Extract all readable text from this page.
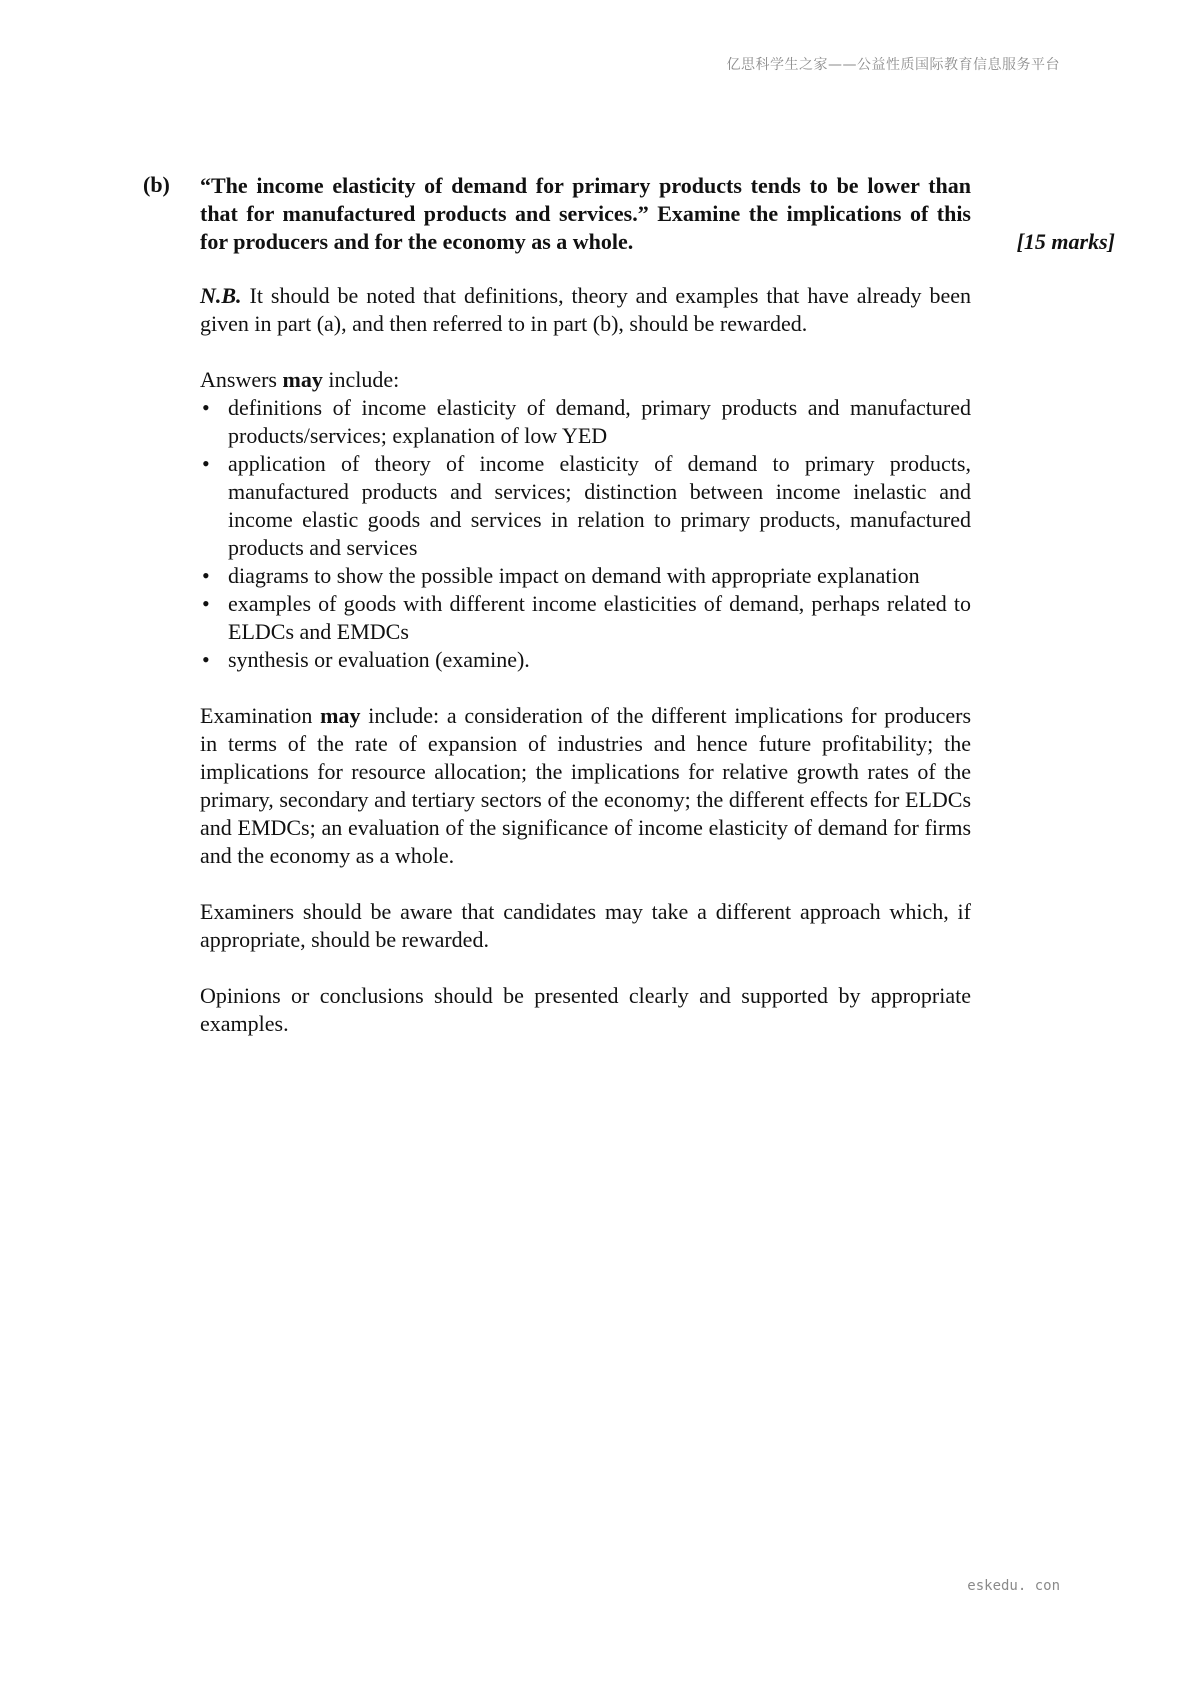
亿思科学生之家——公益性质国际教育信息服务平台
(b) “The income elasticity of demand for primary products tends to be lower than that for manufactured products and services.” Examine the implications of this for producers and for the economy as a whole.	[15 marks]

N.B. It should be noted that definitions, theory and examples that have already been given in part (a), and then referred to in part (b), should be rewarded.

Answers may include:

• definitions of income elasticity of demand, primary products and manufactured products/services; explanation of low YED
• application of theory of income elasticity of demand to primary products, manufactured products and services; distinction between income inelastic and income elastic goods and services in relation to primary products, manufactured products and services
• diagrams to show the possible impact on demand with appropriate explanation
• examples of goods with different income elasticities of demand, perhaps related to ELDCs and EMDCs
• synthesis or evaluation (examine).

Examination may include: a consideration of the different implications for producers in terms of the rate of expansion of industries and hence future profitability; the implications for resource allocation; the implications for relative growth rates of the primary, secondary and tertiary sectors of the economy; the different effects for ELDCs and EMDCs; an evaluation of the significance of income elasticity of demand for firms and the economy as a whole.

Examiners should be aware that candidates may take a different approach which, if appropriate, should be rewarded.

Opinions or conclusions should be presented clearly and supported by appropriate examples.

eskedu. con
